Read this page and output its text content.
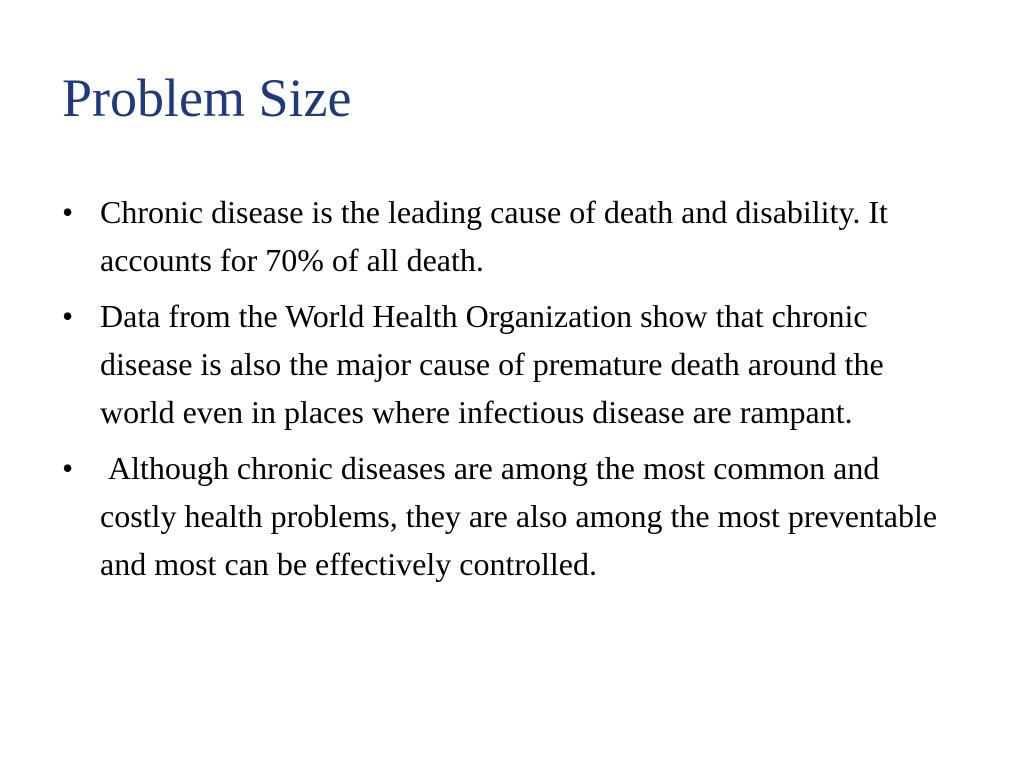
Problem Size
• Chronic disease is the leading cause of death and disability. It accounts for 70% of all death.
• Data from the World Health Organization show that chronic disease is also the major cause of premature death around the world even in places where infectious disease are rampant.
• Although chronic diseases are among the most common and costly health problems, they are also among the most preventable and most can be effectively controlled.
